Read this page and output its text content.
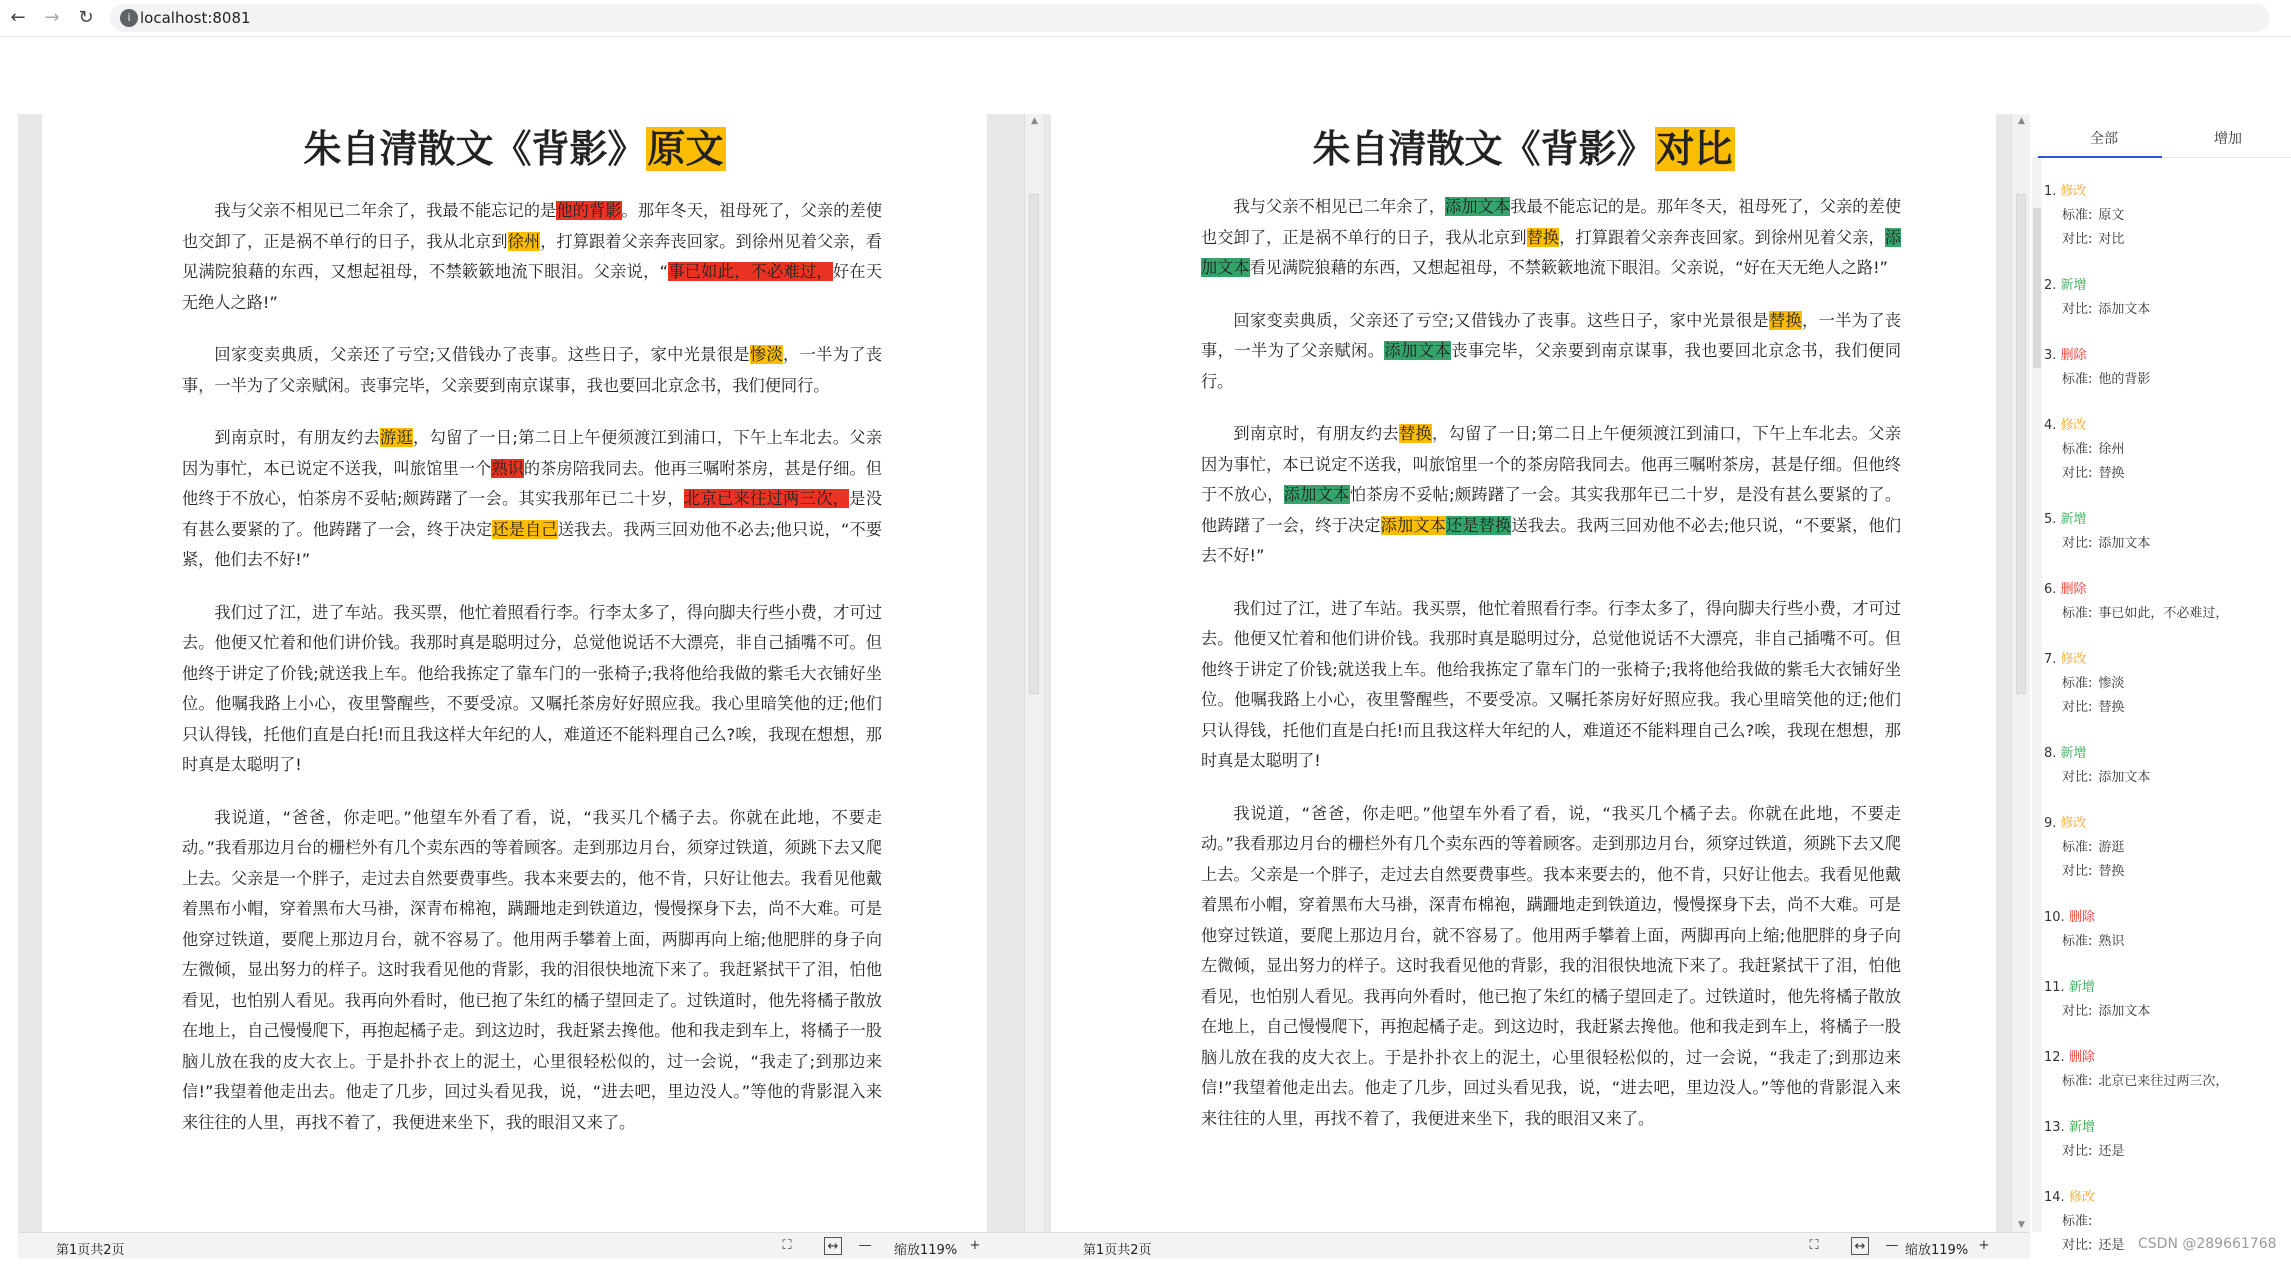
← → ↻	i localhost:8081
朱自清散文《背影》原文
我与父亲不相见已二年余了，我最不能忘记的是他的背影。那年冬天，祖母死了，父亲的差使也交卸了，正是祸不单行的日子，我从北京到徐州，打算跟着父亲奔丧回家。到徐州见着父亲，看见满院狼藉的东西，又想起祖母，不禁簌簌地流下眼泪。父亲说，“事已如此，不必难过，好在天无绝人之路!”
回家变卖典质，父亲还了亏空;又借钱办了丧事。这些日子，家中光景很是惨淡，一半为了丧事，一半为了父亲赋闲。丧事完毕，父亲要到南京谋事，我也要回北京念书，我们便同行。
到南京时，有朋友约去游逛，勾留了一日;第二日上午便须渡江到浦口，下午上车北去。父亲因为事忙，本已说定不送我，叫旅馆里一个熟识的茶房陪我同去。他再三嘱咐茶房，甚是仔细。但他终于不放心，怕茶房不妥帖;颇踌躇了一会。其实我那年已二十岁，北京已来往过两三次，是没有甚么要紧的了。他踌躇了一会，终于决定还是自己送我去。我两三回劝他不必去;他只说，“不要紧，他们去不好!”
我们过了江，进了车站。我买票，他忙着照看行李。行李太多了，得向脚夫行些小费，才可过去。他便又忙着和他们讲价钱。我那时真是聪明过分，总觉他说话不大漂亮，非自己插嘴不可。但他终于讲定了价钱;就送我上车。他给我拣定了靠车门的一张椅子;我将他给我做的紫毛大衣铺好坐位。他嘱我路上小心，夜里警醒些，不要受凉。又嘱托茶房好好照应我。我心里暗笑他的迂;他们只认得钱，托他们直是白托!而且我这样大年纪的人，难道还不能料理自己么?唉，我现在想想，那时真是太聪明了!
我说道，“爸爸，你走吧。”他望车外看了看，说，“我买几个橘子去。你就在此地，不要走动。”我看那边月台的栅栏外有几个卖东西的等着顾客。走到那边月台，须穿过铁道，须跳下去又爬上去。父亲是一个胖子，走过去自然要费事些。我本来要去的，他不肯，只好让他去。我看见他戴着黑布小帽，穿着黑布大马褂，深青布棉袍，蹒跚地走到铁道边，慢慢探身下去，尚不大难。可是他穿过铁道，要爬上那边月台，就不容易了。他用两手攀着上面，两脚再向上缩;他肥胖的身子向左微倾，显出努力的样子。这时我看见他的背影，我的泪很快地流下来了。我赶紧拭干了泪，怕他看见，也怕别人看见。我再向外看时，他已抱了朱红的橘子望回走了。过铁道时，他先将橘子散放在地上，自己慢慢爬下，再抱起橘子走。到这边时，我赶紧去搀他。他和我走到车上，将橘子一股脑儿放在我的皮大衣上。于是扑扑衣上的泥土，心里很轻松似的，过一会说，“我走了;到那边来信!”我望着他走出去。他走了几步，回过头看见我，说，“进去吧，里边没人。”等他的背影混入来来往往的人里，再找不着了，我便进来坐下，我的眼泪又来了。
▲
第1页共2页	⛶	↔ — 缩放119% +
朱自清散文《背影》对比
我与父亲不相见已二年余了，添加文本我最不能忘记的是。那年冬天，祖母死了，父亲的差使也交卸了，正是祸不单行的日子，我从北京到替换，打算跟着父亲奔丧回家。到徐州见着父亲，添加文本看见满院狼藉的东西，又想起祖母，不禁簌簌地流下眼泪。父亲说，“好在天无绝人之路!”
回家变卖典质，父亲还了亏空;又借钱办了丧事。这些日子，家中光景很是替换，一半为了丧事，一半为了父亲赋闲。添加文本丧事完毕，父亲要到南京谋事，我也要回北京念书，我们便同行。
到南京时，有朋友约去替换，勾留了一日;第二日上午便须渡江到浦口，下午上车北去。父亲因为事忙，本已说定不送我，叫旅馆里一个的茶房陪我同去。他再三嘱咐茶房，甚是仔细。但他终于不放心，添加文本怕茶房不妥帖;颇踌躇了一会。其实我那年已二十岁，是没有甚么要紧的了。他踌躇了一会，终于决定添加文本还是替换送我去。我两三回劝他不必去;他只说，“不要紧，他们去不好!”
我们过了江，进了车站。我买票，他忙着照看行李。行李太多了，得向脚夫行些小费，才可过去。他便又忙着和他们讲价钱。我那时真是聪明过分，总觉他说话不大漂亮，非自己插嘴不可。但他终于讲定了价钱;就送我上车。他给我拣定了靠车门的一张椅子;我将他给我做的紫毛大衣铺好坐位。他嘱我路上小心，夜里警醒些，不要受凉。又嘱托茶房好好照应我。我心里暗笑他的迂;他们只认得钱，托他们直是白托!而且我这样大年纪的人，难道还不能料理自己么?唉，我现在想想，那时真是太聪明了!
我说道，“爸爸，你走吧。”他望车外看了看，说，“我买几个橘子去。你就在此地，不要走动。”我看那边月台的栅栏外有几个卖东西的等着顾客。走到那边月台，须穿过铁道，须跳下去又爬上去。父亲是一个胖子，走过去自然要费事些。我本来要去的，他不肯，只好让他去。我看见他戴着黑布小帽，穿着黑布大马褂，深青布棉袍，蹒跚地走到铁道边，慢慢探身下去，尚不大难。可是他穿过铁道，要爬上那边月台，就不容易了。他用两手攀着上面，两脚再向上缩;他肥胖的身子向左微倾，显出努力的样子。这时我看见他的背影，我的泪很快地流下来了。我赶紧拭干了泪，怕他看见，也怕别人看见。我再向外看时，他已抱了朱红的橘子望回走了。过铁道时，他先将橘子散放在地上，自己慢慢爬下，再抱起橘子走。到这边时，我赶紧去搀他。他和我走到车上，将橘子一股脑儿放在我的皮大衣上。于是扑扑衣上的泥土，心里很轻松似的，过一会说，“我走了;到那边来信!”我望着他走出去。他走了几步，回过头看见我，说，“进去吧，里边没人。”等他的背影混入来来往往的人里，再找不着了，我便进来坐下，我的眼泪又来了。
▲
▼
第1页共2页	⛶	↔ — 缩放119% +
全部	增加
1. 修改
标准: 原文
对比: 对比
2. 新增
对比: 添加文本
3. 删除
标准: 他的背影
4. 修改
标准: 徐州
对比: 替换
5. 新增
对比: 添加文本
6. 删除
标准: 事已如此，不必难过，
7. 修改
标准: 惨淡
对比: 替换
8. 新增
对比: 添加文本
9. 修改
标准: 游逛
对比: 替换
10. 删除
标准: 熟识
11. 新增
对比: 添加文本
12. 删除
标准: 北京已来往过两三次，
13. 新增
对比: 还是
14. 修改
标准:
对比: 还是 CSDN @289661768
